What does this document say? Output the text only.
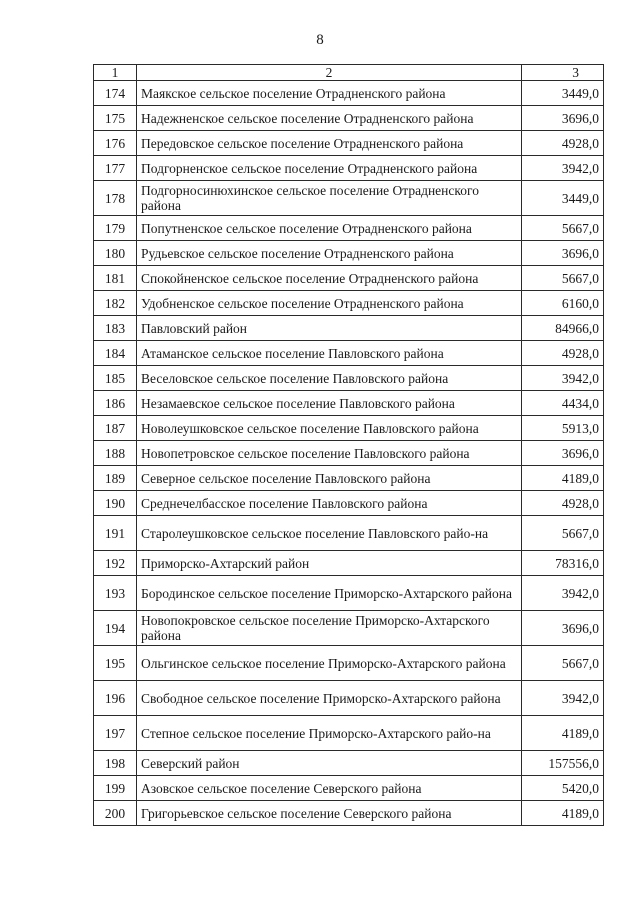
8
1	2	3
174	Маякское сельское поселение Отрадненского района	3449,0
175	Надежненское сельское поселение Отрадненского района	3696,0
176	Передовское сельское поселение Отрадненского района	4928,0
177	Подгорненское сельское поселение Отрадненского района	3942,0
178	Подгорносинюхинское сельское поселение Отрадненского района	3449,0
179	Попутненское сельское поселение Отрадненского района	5667,0
180	Рудьевское сельское поселение Отрадненского района	3696,0
181	Спокойненское сельское поселение Отрадненского района	5667,0
182	Удобненское сельское поселение Отрадненского района	6160,0
183	Павловский район	84966,0
184	Атаманское сельское поселение Павловского района	4928,0
185	Веселовское сельское поселение Павловского района	3942,0
186	Незамаевское сельское поселение Павловского района	4434,0
187	Новолеушковское сельское поселение Павловского района	5913,0
188	Новопетровское сельское поселение Павловского района	3696,0
189	Северное сельское поселение Павловского района	4189,0
190	Среднечелбасское поселение Павловского района	4928,0
191	Старолеушковское сельское поселение Павловского райо-на	5667,0
192	Приморско-Ахтарский район	78316,0
193	Бородинское сельское поселение Приморско-Ахтарского района	3942,0
194	Новопокровское сельское поселение Приморско-Ахтарского района	3696,0
195	Ольгинское сельское поселение Приморско-Ахтарского района	5667,0
196	Свободное сельское поселение Приморско-Ахтарского района	3942,0
197	Степное сельское поселение Приморско-Ахтарского райо-на	4189,0
198	Северский район	157556,0
199	Азовское сельское поселение Северского района	5420,0
200	Григорьевское сельское поселение Северского района	4189,0
